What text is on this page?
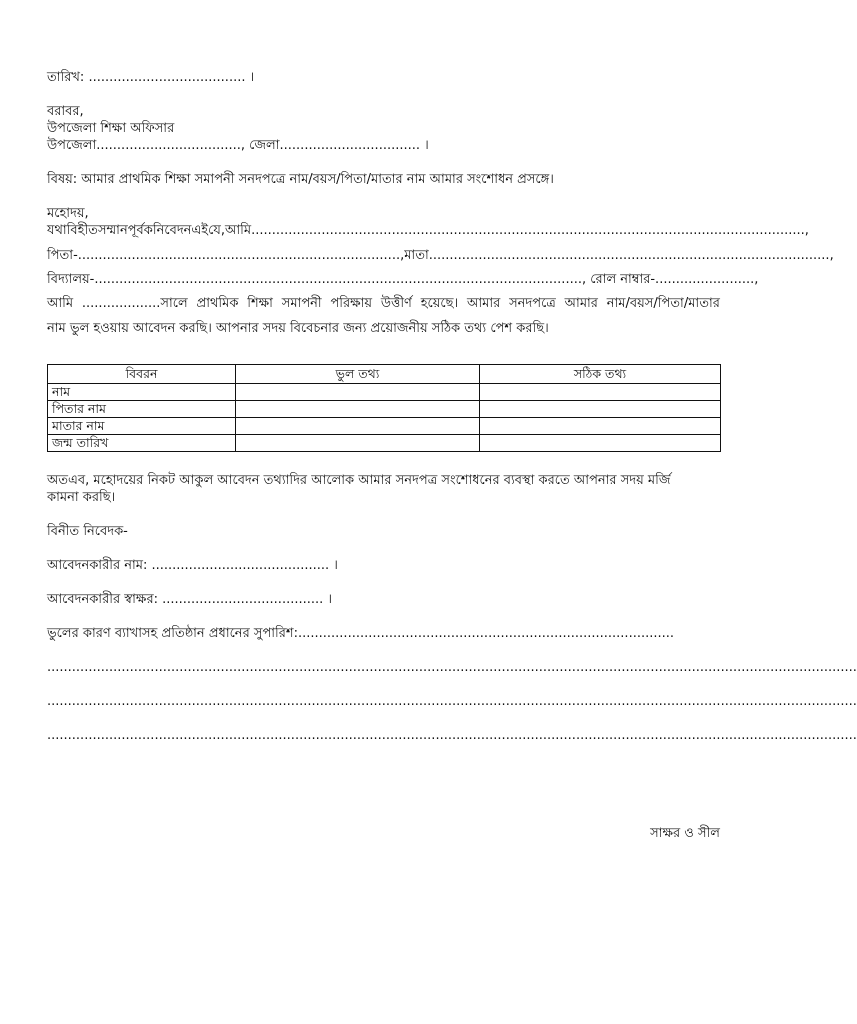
তারিখ: ...................................... ।
বরাবর,
উপজেলা শিক্ষা অফিসার
উপজেলা..................................., জেলা.................................. ।
বিষয়: আমার প্রাথমিক শিক্ষা সমাপনী সনদপত্রে নাম/বয়স/পিতা/মাতার নাম আমার সংশোধন প্রসঙ্গে।
মহোদয়,
যথাবিহীত সম্মান পূর্বক নিবেদন এই যে, আমি......................................................................................................................................,
পিতা-.............................................................................., মাতা.................................................................................................,
বিদ্যালয়-...................................................................................................................... , রোল নাম্বার-........................,
আমি ...................সালে প্রাথমিক শিক্ষা সমাপনী পরিক্ষায় উত্তীর্ণ হয়েছে। আমার সনদপত্রে আমার নাম/বয়স/পিতা/মাতার
নাম ভুল হওয়ায় আবেদন করছি। আপনার সদয় বিবেচনার জন্য প্রয়োজনীয় সঠিক তথ্য পেশ করছি।
বিবরন	ভুল তথ্য	সঠিক তথ্য
নাম		
পিতার নাম		
মাতার নাম		
জন্ম তারিখ		
অতএব, মহোদয়ের নিকট আকুল আবেদন তথ্যাদির আলোক আমার সনদপত্র সংশোধনের ব্যবস্থা করতে আপনার সদয় মর্জি
কামনা করছি।
বিনীত নিবেদক-
আবেদনকারীর নাম: ........................................... ।
আবেদনকারীর স্বাক্ষর: ....................................... ।
ভুলের কারণ ব্যাখাসহ প্রতিষ্ঠান প্রধানের সুপারিশ:...........................................................................................
....................................................................................................................................................................................................
....................................................................................................................................................................................................
....................................................................................................................................................................................................
সাক্ষর ও সীল
